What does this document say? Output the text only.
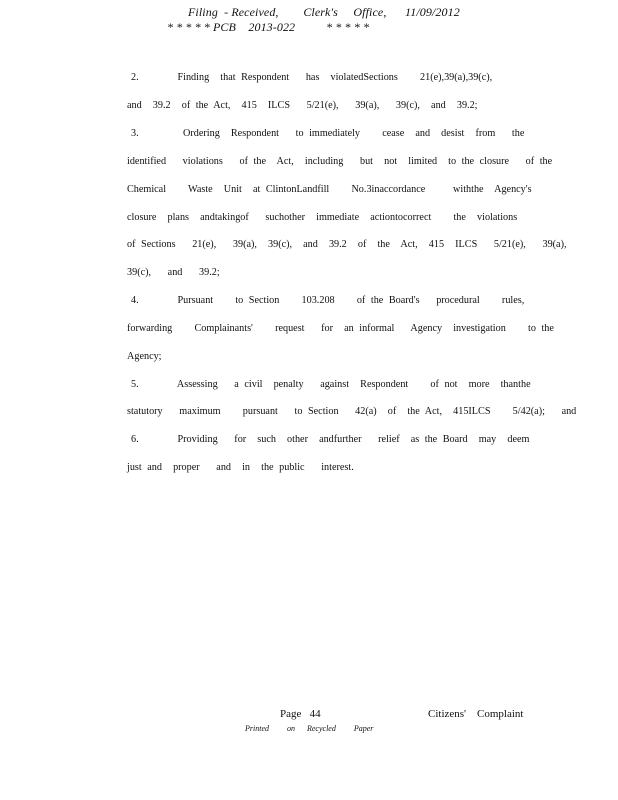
Filing  - Received,        Clerk's     Office,      11/09/2012
* * * * * PCB    2013-022          * * * * *
2.       Finding  that Respondent   has  violatedSections    21(e),39(a),39(c),
and  39.2  of the Act,  415  ILCS   5/21(e),   39(a),   39(c),  and  39.2;
3.        Ordering  Respondent   to immediately    cease  and  desist  from   the
identified   violations   of the  Act,  including   but  not  limited  to the closure   of the
Chemical    Waste  Unit  at ClintonLandfill    No.3inaccordance     withthe  Agency's
closure  plans  andtakingof   suchother  immediate  actiontocorrect    the  violations
of Sections   21(e),   39(a),  39(c),  and  39.2  of  the  Act,  415  ILCS   5/21(e),   39(a),
39(c),   and   39.2;
4.       Pursuant    to Section    103.208    of the Board's   procedural    rules,
forwarding    Complainants'    request   for  an informal   Agency  investigation    to the
Agency;
5.       Assessing   a civil  penalty   against  Respondent    of not  more  thanthe
statutory   maximum    pursuant   to Section   42(a)  of  the Act,  415ILCS    5/42(a);   and
6.       Providing   for  such  other  andfurther   relief  as the Board  may  deem
just and  proper   and  in  the public   interest.
Page   44	Citizens'    Complaint
Printed   on  Recycled   Paper
